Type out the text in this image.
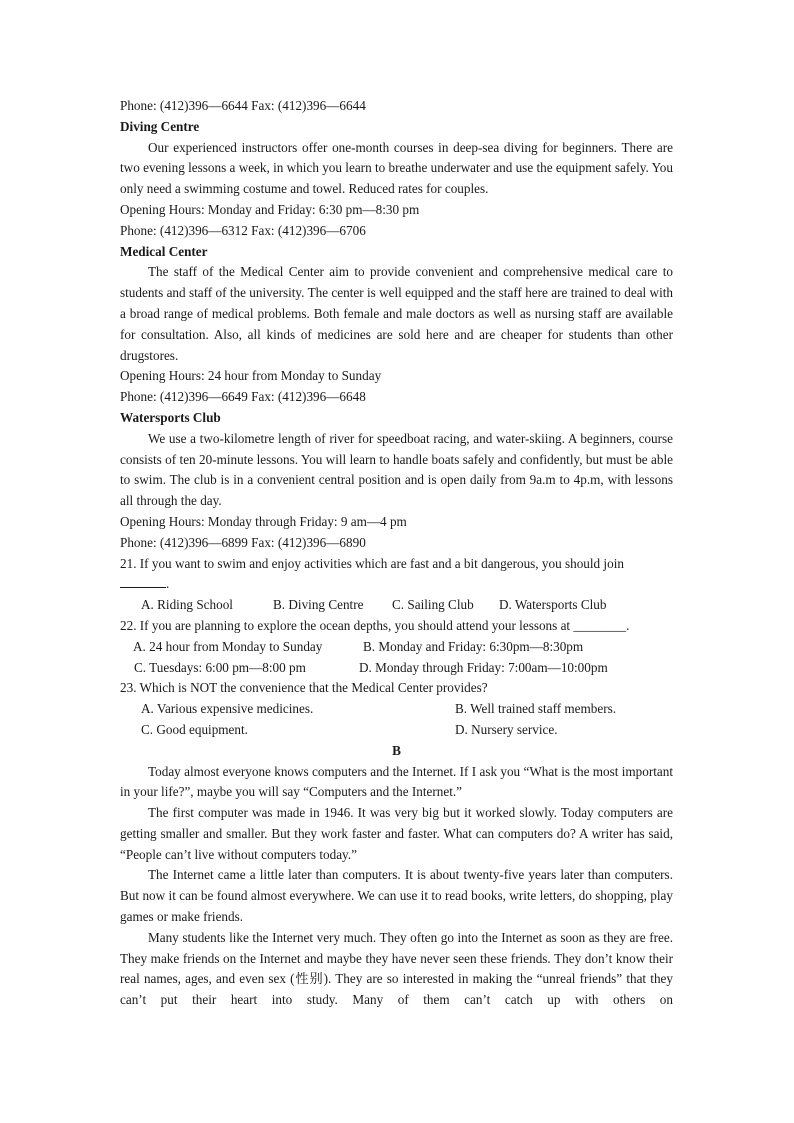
Phone: (412)396—6644 Fax: (412)396—6644
Diving Centre
Our experienced instructors offer one-month courses in deep-sea diving for beginners. There are two evening lessons a week, in which you learn to breathe underwater and use the equipment safely. You only need a swimming costume and towel. Reduced rates for couples.
Opening Hours: Monday and Friday: 6:30 pm—8:30 pm
Phone: (412)396—6312 Fax: (412)396—6706
Medical Center
The staff of the Medical Center aim to provide convenient and comprehensive medical care to students and staff of the university. The center is well equipped and the staff here are trained to deal with a broad range of medical problems. Both female and male doctors as well as nursing staff are available for consultation. Also, all kinds of medicines are sold here and are cheaper for students than other drugstores.
Opening Hours: 24 hour from Monday to Sunday
Phone: (412)396—6649 Fax: (412)396—6648
Watersports Club
We use a two-kilometre length of river for speedboat racing, and water-skiing. A beginners, course consists of ten 20-minute lessons. You will learn to handle boats safely and confidently, but must be able to swim. The club is in a convenient central position and is open daily from 9a.m to 4p.m, with lessons all through the day.
Opening Hours: Monday through Friday: 9 am—4 pm
Phone: (412)396—6899 Fax: (412)396—6890
21. If you want to swim and enjoy activities which are fast and a bit dangerous, you should join
.
A. Riding School	B. Diving Centre	C. Sailing Club	D. Watersports Club
22. If you are planning to explore the ocean depths, you should attend your lessons at ________.
A. 24 hour from Monday to Sunday	B. Monday and Friday: 6:30pm—8:30pm
C. Tuesdays: 6:00 pm—8:00 pm	D. Monday through Friday: 7:00am—10:00pm
23. Which is NOT the convenience that the Medical Center provides?
A. Various expensive medicines.	B. Well trained staff members.
C. Good equipment.	D. Nursery service.
B
Today almost everyone knows computers and the Internet. If I ask you “What is the most important in your life?”, maybe you will say “Computers and the Internet.”
The first computer was made in 1946. It was very big but it worked slowly. Today computers are getting smaller and smaller. But they work faster and faster. What can computers do? A writer has said, “People can’t live without computers today.”
The Internet came a little later than computers. It is about twenty-five years later than computers. But now it can be found almost everywhere. We can use it to read books, write letters, do shopping, play games or make friends.
Many students like the Internet very much. They often go into the Internet as soon as they are free. They make friends on the Internet and maybe they have never seen these friends. They don’t know their real names, ages, and even sex (性别). They are so interested in making the “unreal friends” that they can’t put their heart into study. Many of them can’t catch up with others on
